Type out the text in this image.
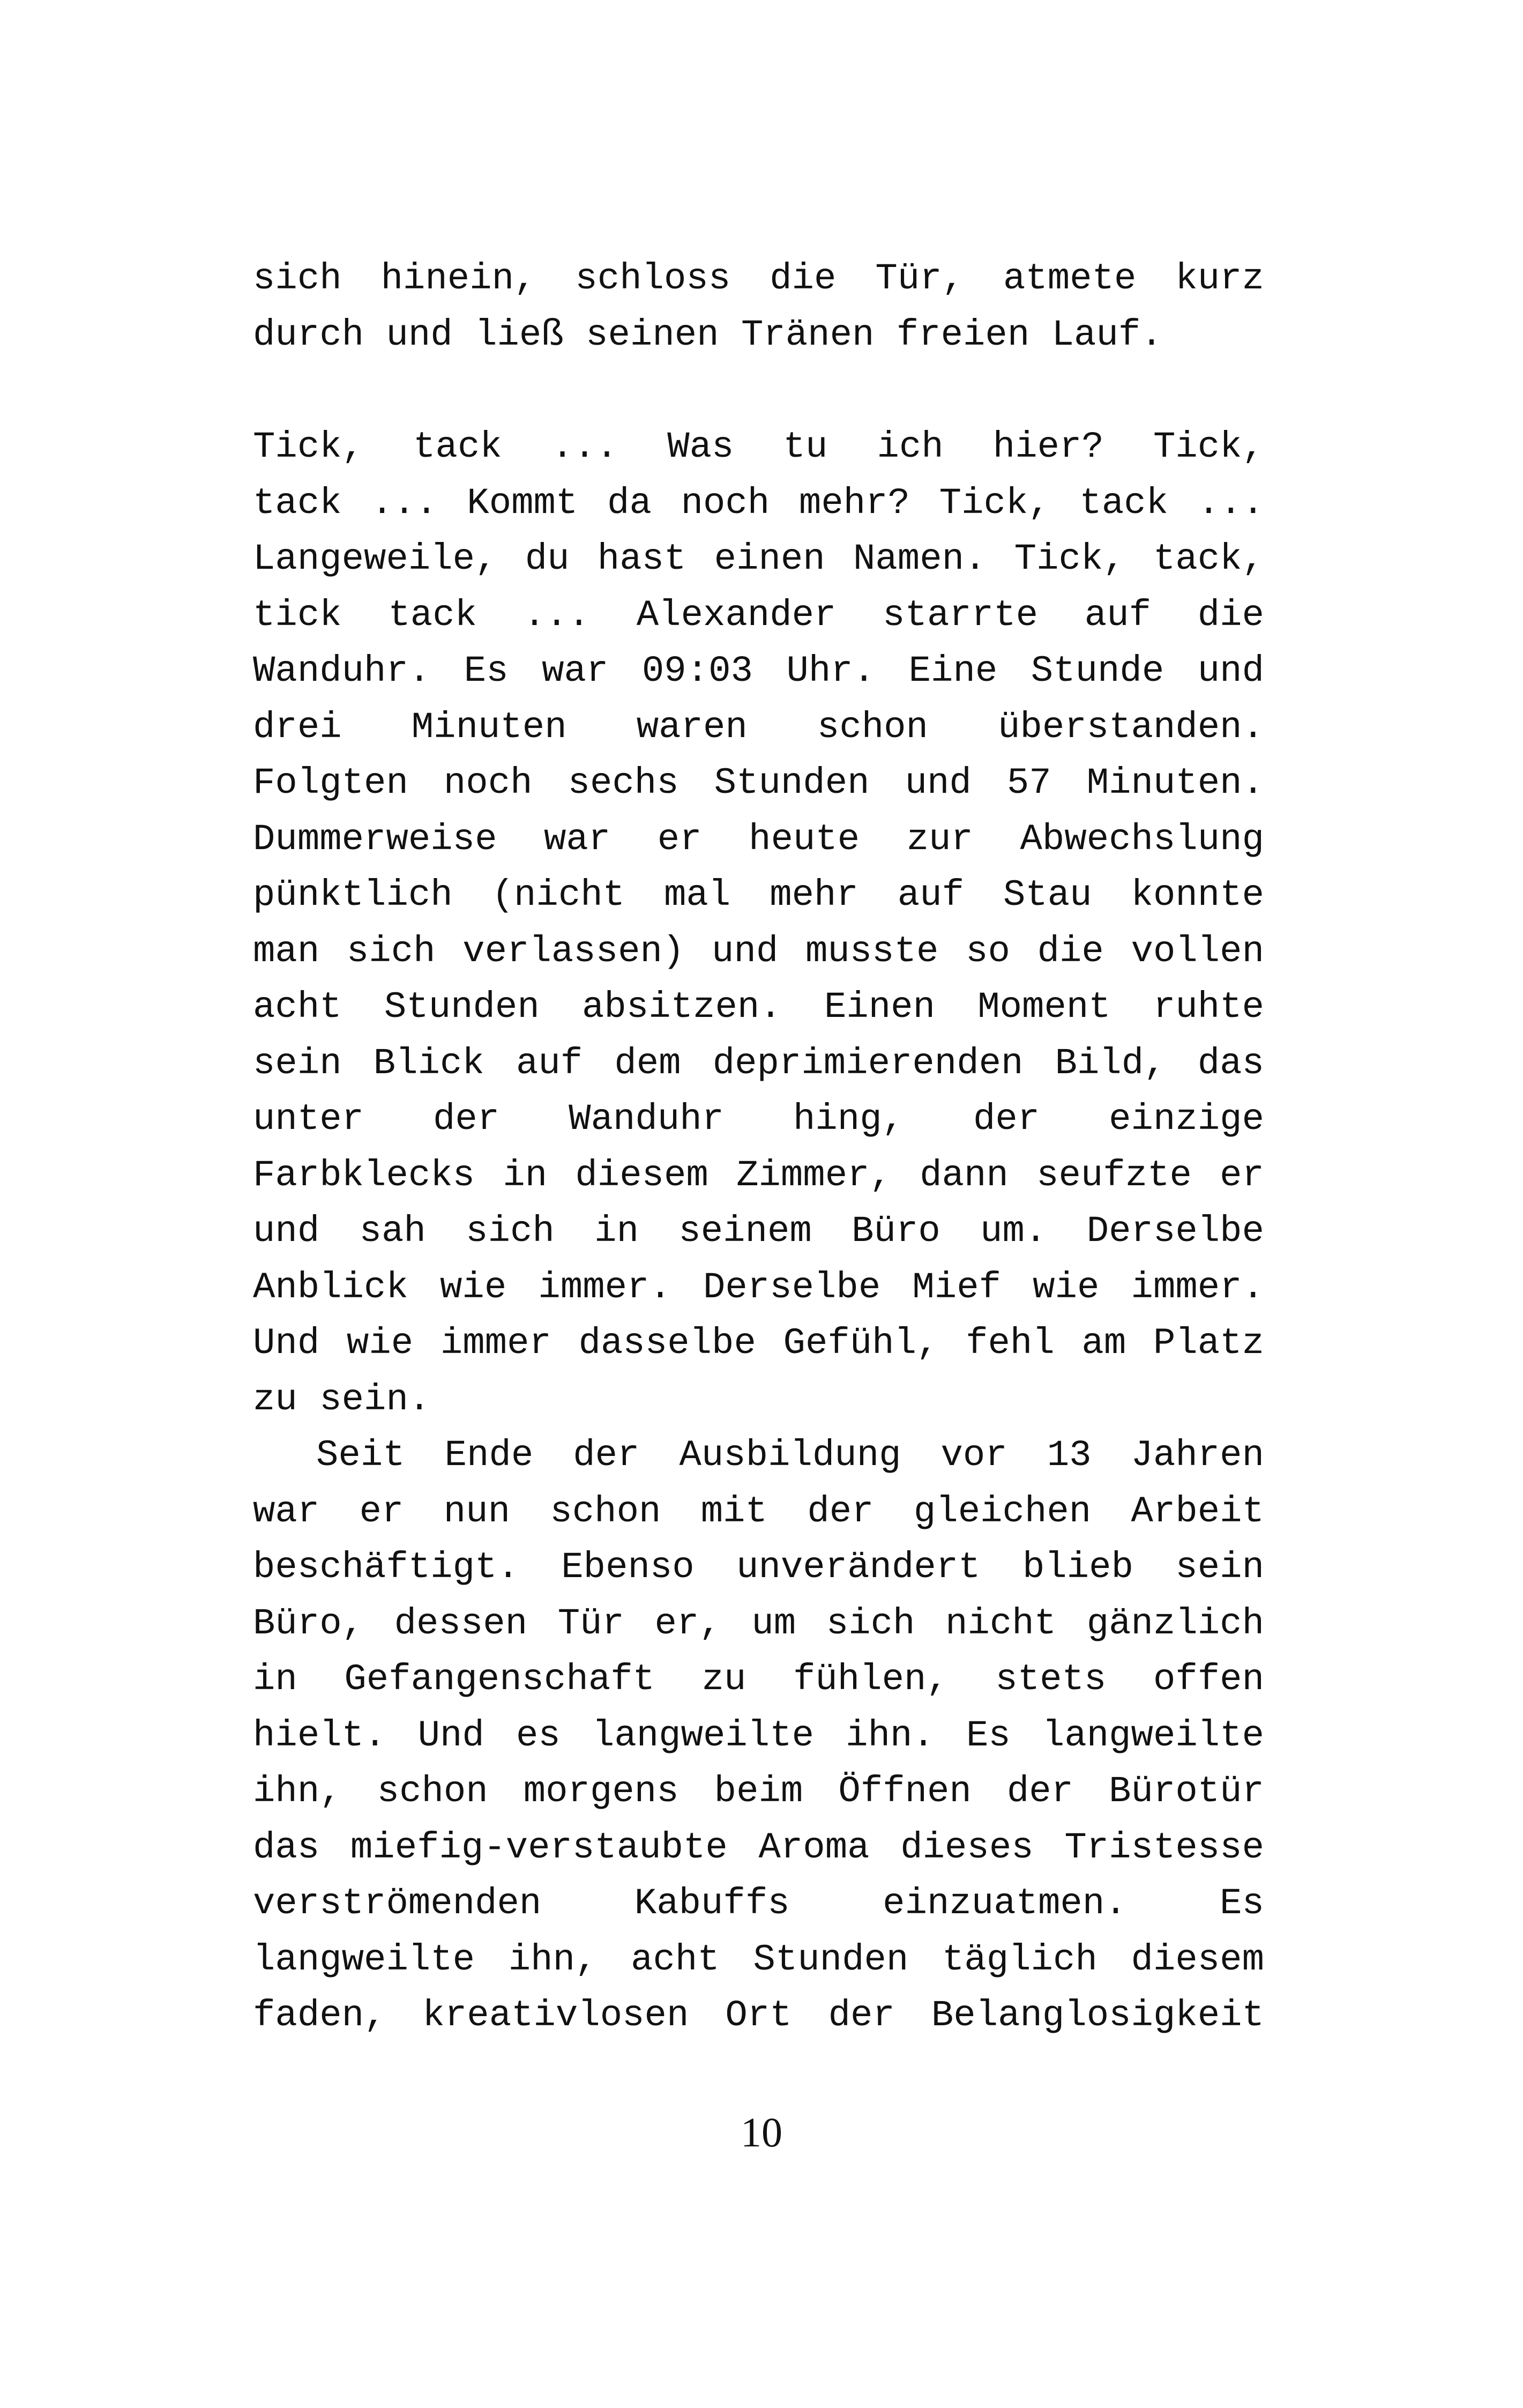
sich hinein, schloss die Tür, atmete kurz
durch und ließ seinen Tränen freien Lauf.
Tick, tack ... Was tu ich hier? Tick,
tack ... Kommt da noch mehr? Tick, tack ...
Langeweile, du hast einen Namen. Tick, tack,
tick tack ... Alexander starrte auf die
Wanduhr. Es war 09:03 Uhr. Eine Stunde und
drei Minuten waren schon überstanden.
Folgten noch sechs Stunden und 57 Minuten.
Dummerweise war er heute zur Abwechslung
pünktlich (nicht mal mehr auf Stau konnte
man sich verlassen) und musste so die vollen
acht Stunden absitzen. Einen Moment ruhte
sein Blick auf dem deprimierenden Bild, das
unter der Wanduhr hing, der einzige
Farbklecks in diesem Zimmer, dann seufzte er
und sah sich in seinem Büro um. Derselbe
Anblick wie immer. Derselbe Mief wie immer.
Und wie immer dasselbe Gefühl, fehl am Platz
zu sein.
Seit Ende der Ausbildung vor 13 Jahren
war er nun schon mit der gleichen Arbeit
beschäftigt. Ebenso unverändert blieb sein
Büro, dessen Tür er, um sich nicht gänzlich
in Gefangenschaft zu fühlen, stets offen
hielt. Und es langweilte ihn. Es langweilte
ihn, schon morgens beim Öffnen der Bürotür
das miefig-verstaubte Aroma dieses Tristesse
verströmenden Kabuffs einzuatmen. Es
langweilte ihn, acht Stunden täglich diesem
faden, kreativlosen Ort der Belanglosigkeit
10
